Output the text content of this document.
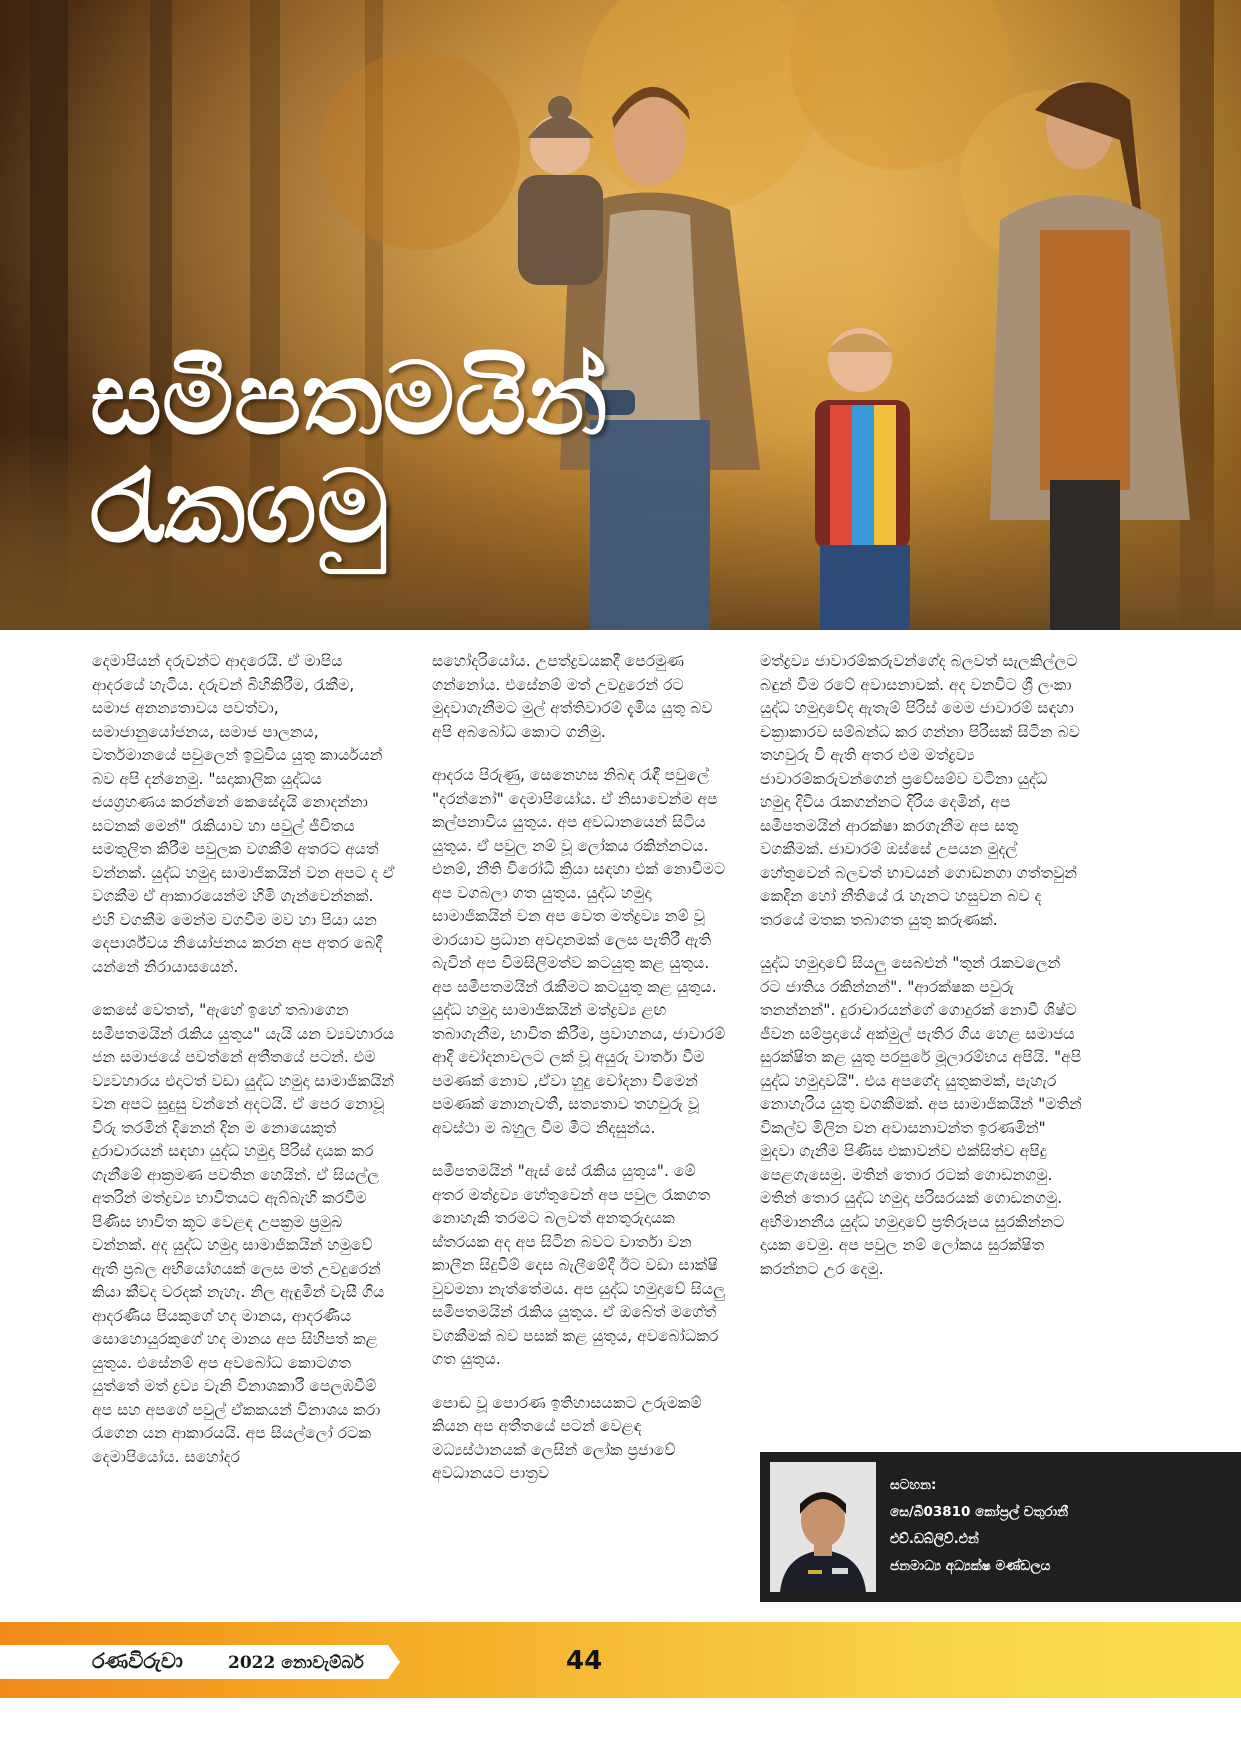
සමීපතමයින්
රැකගමු

දෙමාපියන් දරුවන්ට ආදරෙයි. ඒ මාපිය ආදරයේ හැටිය. දරුවන් බිහිකිරීම, රැකීම, සමාජ අනන්‍යතාවය පවත්වා, සමාජානුයෝජනය, සමාජ පාලනය, වර්තමානයේ පවුලෙන් ඉටුවිය යුතු කාර්යයන් බව අපි දන්නෙමු. "සදාකාලික යුද්ධය ජයග්‍රහණය කරන්නේ කෙසේදැයි නොදන්නා සටනක් මෙන්" රැකියාව හා පවුල් ජීවිතය සමතුලිත කිරීම පවුලක වගකීම් අතරට අයත් වන්නක්. යුද්ධ හමුදා සාමාජිකයින් වන අපට ද ඒ වගකීම ඒ ආකාරයෙන්ම හිමි ගැන්වෙන්නක්. එහි වගකීම මෙන්ම වගවීම මව හා පියා යන දෙපාර්ශ්වය නියෝජනය කරන අප අතර බෙදී යන්නේ නිරායාසයෙන්.

කෙසේ වෙතත්, "ඇහේ ඉහේ තබාගෙන සමීපතමයින් රැකිය යුතුය" යැයි යන ව්‍යවහාරය ජන සමාජයේ පවත්නේ අතීතයේ පටන්. එම ව්‍යවහාරය එදාටත් වඩා යුද්ධ හමුදා සාමාජිකයින් වන අපට සුදුසු වන්නේ අදටයි. ඒ පෙර නොවූ විරු තරමින් දිනෙන් දින ම නොයෙකුත් දුරාචාරයන් සඳහා යුද්ධ හමුදා පිරිස් දායක කර ගැනීමේ ආක්‍රමණ පවතින හෙයින්. ඒ සියල්ල අතරින් මත්ද්‍රව්‍ය භාවිතයට ඇබ්බැහි කරවීම පිණිස භාවිත කූට වෙළඳ උපක්‍රම ප්‍රමුඛ වන්නක්. අද යුද්ධ හමුදා සාමාජිකයින් හමුවේ ඇති ප්‍රබල අභියෝගයක් ලෙස මත් උවදුරෙන් කියා කීවද වරදක් නැහැ. නිල ඇඳුමින් වැසී ගිය ආදරණීය පියකුගේ හද මානය, ආදරණීය සොහොයුරකුගේ හද මානය අප සිහිපත් කළ යුතුය. එසේනම් අප අවබෝධ කොටගත යුත්තේ මත් ද්‍රව්‍ය වැනි විනාශකාරී පෙලඹවීම් අප සහ අපගේ පවුල් ඒකකයන් විනාශය කරා රැගෙන යන ආකාරයයි. අප සියල්ලෝ රටක දෙමාපියෝය. සහෝදර

සහෝදරියෝය. උපත්ද්‍රවයකදී පෙරමුණ ගන්නෝය. එසේනම් මත් උවදුරෙන් රට මුදවාගැනීමට මුල් අත්තිවාරම් දැමිය යුතු බව අපි අබබෝධ කොට ගනිමු.

ආදරය පිරුණු, සෙනෙහස නිබඳ රැඳී පවුලේ "දරන්නෝ" දෙමාපියෝය. ඒ නිසාවෙන්ම අප කල්පනාවිය යුතුය. අප අවධානයෙන් සිටිය යුතුය. ඒ පවුල නම් වූ ලෝකය රකින්නටය. එනම්, නීති විරෝධී ක්‍රියා සඳහා එක් නොවීමට අප වගබලා ගත යුතුය. යුද්ධ හමුදා සාමාජිකයින් වන අප වෙත මත්ද්‍රව්‍ය නම් වූ මාරයාව ප්‍රධාන අවදානමක් ලෙස පැතිරී ඇති බැවින් අප විමසිලිමත්ව කටයුතු කළ යුතුය. අප සමීපතමයින් රැකීමට කටයුතු කළ යුතුය. යුද්ධ හමුදා සාමාජිකයින් මත්ද්‍රව්‍ය ළඟ තබාගැනීම, භාවිත කිරීම, ප්‍රවාහනය, ජාවාරම් ආදී චෝදනාවලට ලක් වූ අයුරු වාර්තා වීම පමණක් නොව ,ඒවා හුදු චෝදනා වීමෙන් පමණක් නොනැවතී, සත්‍යතාව තහවුරු වූ අවස්ථා ම බහුල වීම මීට නිදසුන්ය.

සමීපතමයින් "ඇස් සේ රැකිය යුතුය". මේ අතර මත්ද්‍රව්‍ය හේතුවෙන් අප පවුල රැකගත නොහැකි තරමට බලවත් අනතුරුදායක ස්තරයක අද අප සිටින බවට වාර්තා වන කාලීන සිදුවීම් දෙස බැලීමේදී ඊට වඩා සාක්ෂි වුවමනා නැත්තේමය. අප යුද්ධ හමුදාවේ සියලු සමීපතමයින් රැකිය යුතුය. ඒ ඔබේත් මගේත් වගකීමක් බව පසක් කළ යුතුය, අවබෝධකර ගත යුතුය.

පොඬ වූ පොරණ ඉතිහාසයකට උරුමකම් කියන අප අතීතයේ පටන් වෙළඳ මධ්‍යස්ථානයක් ලෙසින් ලෝක ප්‍රජාවේ අවධානයට පාත්‍රව

මත්ද්‍රව්‍ය ජාවාරම්කරුවන්ගේද බලවත් සැලකිල්ලට බඳුන් වීම රටේ අවාසනාවක්. අද වනවිට ශ්‍රී ලංකා යුද්ධ හමුදාවේද ඇතැම් පිරිස් මෙම ජාවාරම් සඳහා චක්‍රාකාරව සම්බන්ධ කර ගන්නා පිරිසක් සිටින බව තහවුරු වී ඇති අතර එම මත්ද්‍රව්‍ය ජාවාරම්කරුවන්ගෙන් ප්‍රවේසම්ව වටිනා යුද්ධ හමුදා දිවිය රැකගන්නට දිරිය දෙමින්, අප සමීපතමයින් ආරක්ෂා කරගැනීම අප සතු වගකීමක්. ජාවාරම් ඔස්සේ උපයන මුදල් හේතුවෙන් බලවත් භාවයන් ගොඩනගා ගත්තවුන් කෙදින හෝ නීතියේ රැ හැනට හසුවන බව ද තරයේ මතක තබාගත යුතු කරුණක්.

යුද්ධ හමුදාවේ සියලු සෙබළුන් "තුන් රැකවලෙන් රට ජාතිය රකින්නන්". "ආරක්ෂක පවුරු තනන්නන්". දුරාචාරයන්ගේ ගොදුරක් නොවී ශිෂ්ට ජීවන සම්ප්‍රදායේ අක්මුල් පැතිර ගිය හෙළ සමාජය සුරක්ෂිත කළ යුතු පරපුරේ මූලාරම්භය අපියි. "අපි යුද්ධ හමුදාවයි". එය අපගේද යුතුකමක්, පැහැර නොහැරිය යුතු වගකීමක්. අප සාමාජිකයින් "මතින් විකල්ව මිලින වන අවාසනාවන්ත ඉරණමින්" මුදවා ගැනීම පිණිස එකාවන්ව එක්සිත්ව අපිදු පෙළගැසෙමු. මතින් තොර රටක් ගොඩනගමු. මතින් තොර යුද්ධ හමුදා පරිසරයක් ගොඩනගමු. අභිමානනීය යුද්ධ හමුදාවේ ප්‍රතිරූපය සුරකින්නට දායක වෙමු. අප පවුල නම් ලෝකය සුරක්ෂිත කරන්නට උර දෙමු.

සටහන:
සෙ/බී03810 කෝප්‍රල් චතුරානී
එච්.ඩබ්ලිව්.එන්
ජනමාධ්‍ය අධ්‍යක්ෂ මණ්ඩලය
රණවිරුවා	2022 නොවැම්බර්	44
